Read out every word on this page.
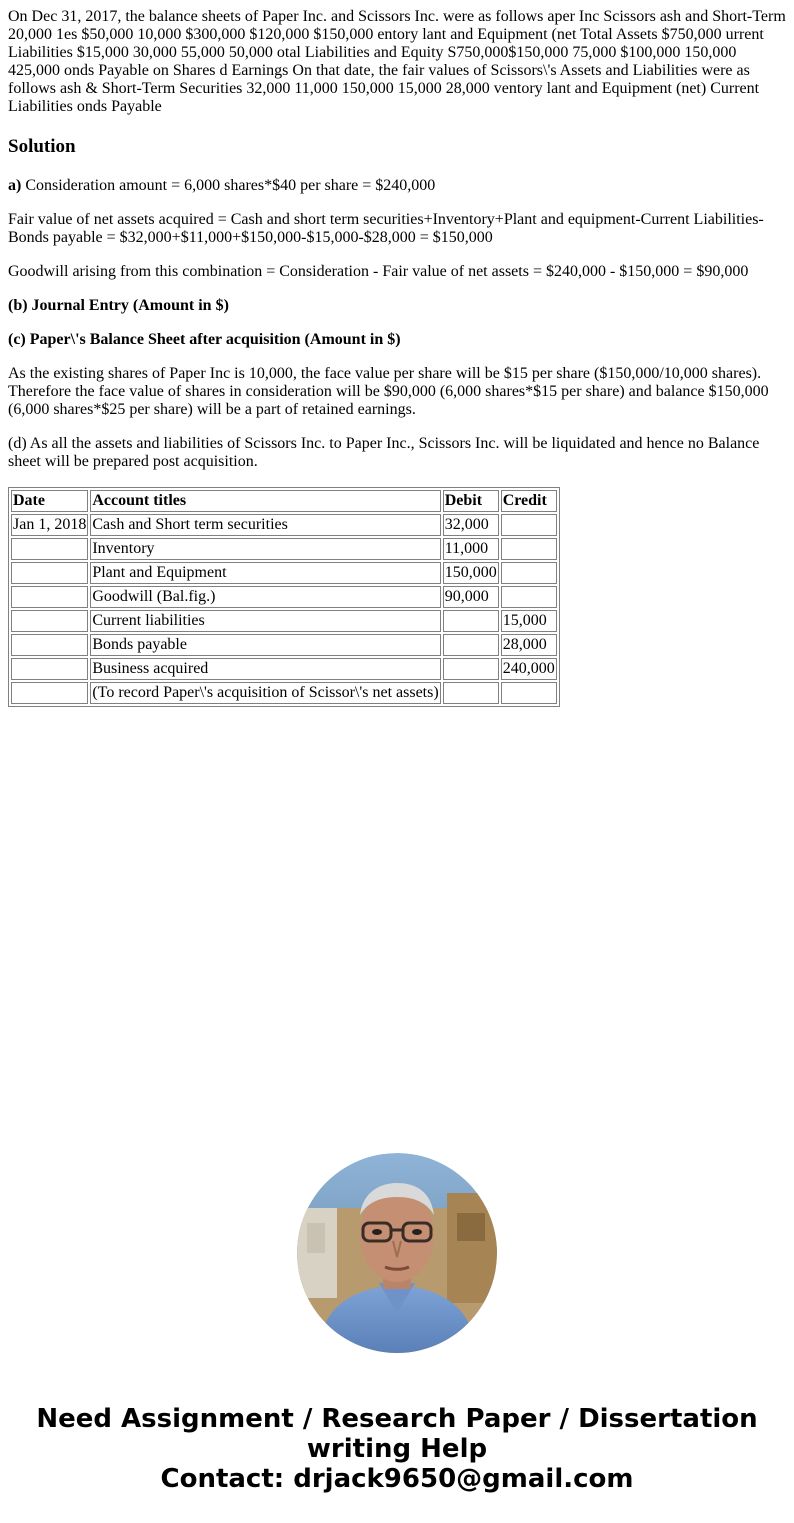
On Dec 31, 2017, the balance sheets of Paper Inc. and Scissors Inc. were as follows aper Inc Scissors ash and Short-Term 20,000 1es $50,000 10,000 $300,000 $120,000 $150,000 entory lant and Equipment (net Total Assets $750,000 urrent Liabilities $15,000 30,000 55,000 50,000 otal Liabilities and Equity S750,000$150,000 75,000 $100,000 150,000 425,000 onds Payable on Shares d Earnings On that date, the fair values of Scissors\'s Assets and Liabilities were as follows ash & Short-Term Securities 32,000 11,000 150,000 15,000 28,000 ventory lant and Equipment (net) Current Liabilities onds Payable

Solution

a) Consideration amount = 6,000 shares*$40 per share = $240,000

Fair value of net assets acquired = Cash and short term securities+Inventory+Plant and equipment-Current Liabilities-Bonds payable = $32,000+$11,000+$150,000-$15,000-$28,000 = $150,000

Goodwill arising from this combination = Consideration - Fair value of net assets = $240,000 - $150,000 = $90,000

(b) Journal Entry (Amount in $)

(c) Paper\'s Balance Sheet after acquisition (Amount in $)

As the existing shares of Paper Inc is 10,000, the face value per share will be $15 per share ($150,000/10,000 shares). Therefore the face value of shares in consideration will be $90,000 (6,000 shares*$15 per share) and balance $150,000 (6,000 shares*$25 per share) will be a part of retained earnings.

(d) As all the assets and liabilities of Scissors Inc. to Paper Inc., Scissors Inc. will be liquidated and hence no Balance sheet will be prepared post acquisition.

Date	Account titles	Debit	Credit
Jan 1, 2018	Cash and Short term securities	32,000	
	Inventory	11,000	
	Plant and Equipment	150,000	
	Goodwill (Bal.fig.)	90,000	
	Current liabilities		15,000
	Bonds payable		28,000
	Business acquired		240,000
	(To record Paper\'s acquisition of Scissor\'s net assets)		
Need Assignment / Research Paper / Dissertation
writing Help
Contact: drjack9650@gmail.com
